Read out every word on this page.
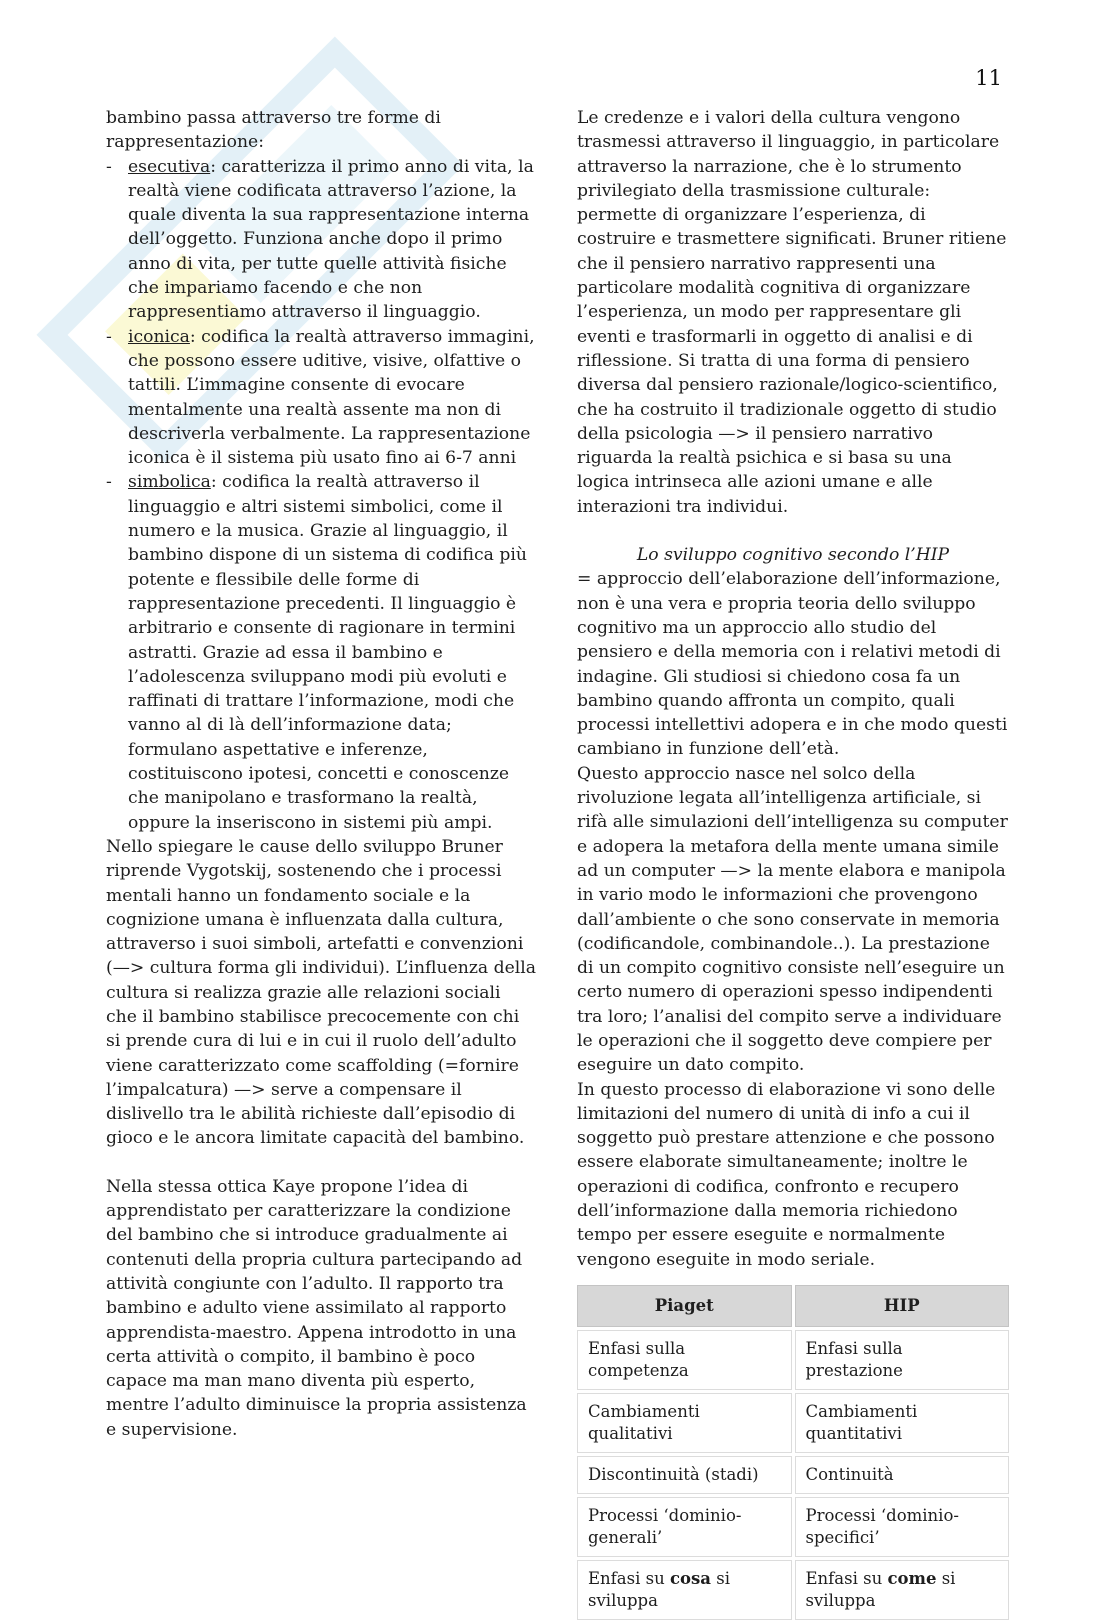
11

bambino passa attraverso tre forme di rappresentazione:

- esecutiva: caratterizza il primo anno di vita, la realtà viene codificata attraverso l’azione, la quale diventa la sua rappresentazione interna dell’oggetto. Funziona anche dopo il primo anno di vita, per tutte quelle attività fisiche che impariamo facendo e che non rappresentiamo attraverso il linguaggio.
- iconica: codifica la realtà attraverso immagini, che possono essere uditive, visive, olfattive o tattili. L’immagine consente di evocare mentalmente una realtà assente ma non di descriverla verbalmente. La rappresentazione iconica è il sistema più usato fino ai 6-7 anni
- simbolica: codifica la realtà attraverso il linguaggio e altri sistemi simbolici, come il numero e la musica. Grazie al linguaggio, il bambino dispone di un sistema di codifica più potente e flessibile delle forme di rappresentazione precedenti. Il linguaggio è arbitrario e consente di ragionare in termini astratti. Grazie ad essa il bambino e l’adolescenza sviluppano modi più evoluti e raffinati di trattare l’informazione, modi che vanno al di là dell’informazione data; formulano aspettative e inferenze, costituiscono ipotesi, concetti e conoscenze che manipolano e trasformano la realtà, oppure la inseriscono in sistemi più ampi.

Nello spiegare le cause dello sviluppo Bruner riprende Vygotskij, sostenendo che i processi mentali hanno un fondamento sociale e la cognizione umana è influenzata dalla cultura, attraverso i suoi simboli, artefatti e convenzioni (—> cultura forma gli individui). L’influenza della cultura si realizza grazie alle relazioni sociali che il bambino stabilisce precocemente con chi si prende cura di lui e in cui il ruolo dell’adulto viene caratterizzato come scaffolding (=fornire l’impalcatura) —> serve a compensare il dislivello tra le abilità richieste dall’episodio di gioco e le ancora limitate capacità del bambino.

Nella stessa ottica Kaye propone l’idea di apprendistato per caratterizzare la condizione del bambino che si introduce gradualmente ai contenuti della propria cultura partecipando ad attività congiunte con l’adulto. Il rapporto tra bambino e adulto viene assimilato al rapporto apprendista-maestro. Appena introdotto in una certa attività o compito, il bambino è poco capace ma man mano diventa più esperto, mentre l’adulto diminuisce la propria assistenza e supervisione.

Le credenze e i valori della cultura vengono trasmessi attraverso il linguaggio, in particolare attraverso la narrazione, che è lo strumento privilegiato della trasmissione culturale: permette di organizzare l’esperienza, di costruire e trasmettere significati. Bruner ritiene che il pensiero narrativo rappresenti una particolare modalità cognitiva di organizzare l’esperienza, un modo per rappresentare gli eventi e trasformarli in oggetto di analisi e di riflessione. Si tratta di una forma di pensiero diversa dal pensiero razionale/logico-scientifico, che ha costruito il tradizionale oggetto di studio della psicologia —> il pensiero narrativo riguarda la realtà psichica e si basa su una logica intrinseca alle azioni umane e alle interazioni tra individui.

Lo sviluppo cognitivo secondo l’HIP

= approccio dell’elaborazione dell’informazione, non è una vera e propria teoria dello sviluppo cognitivo ma un approccio allo studio del pensiero e della memoria con i relativi metodi di indagine. Gli studiosi si chiedono cosa fa un bambino quando affronta un compito, quali processi intellettivi adopera e in che modo questi cambiano in funzione dell’età.

Questo approccio nasce nel solco della rivoluzione legata all’intelligenza artificiale, si rifà alle simulazioni dell’intelligenza su computer e adopera la metafora della mente umana simile ad un computer —> la mente elabora e manipola in vario modo le informazioni che provengono dall’ambiente o che sono conservate in memoria (codificandole, combinandole..). La prestazione di un compito cognitivo consiste nell’eseguire un certo numero di operazioni spesso indipendenti tra loro; l’analisi del compito serve a individuare le operazioni che il soggetto deve compiere per eseguire un dato compito.

In questo processo di elaborazione vi sono delle limitazioni del numero di unità di info a cui il soggetto può prestare attenzione e che possono essere elaborate simultaneamente; inoltre le operazioni di codifica, confronto e recupero dell’informazione dalla memoria richiedono tempo per essere eseguite e normalmente vengono eseguite in modo seriale.

Piaget	HIP
Enfasi sulla competenza	Enfasi sulla prestazione
Cambiamenti qualitativi	Cambiamenti quantitativi
Discontinuità (stadi)	Continuità
Processi ‘dominio-generali’	Processi ‘dominio-specifici’
Enfasi su cosa si sviluppa	Enfasi su come si sviluppa
